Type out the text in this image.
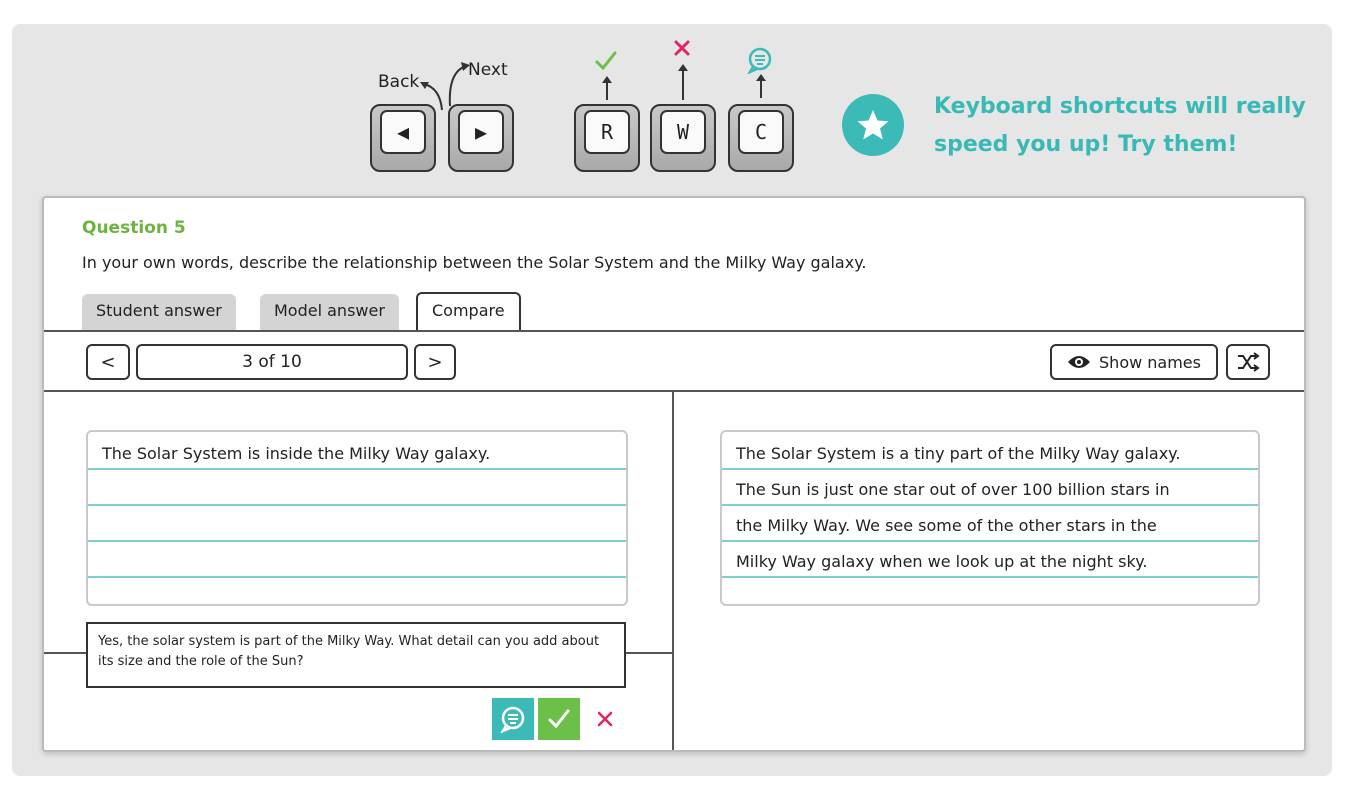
Back
Next
◀	▶	R	W	C
Keyboard shortcuts will really speed you up! Try them!
Question 5
In your own words, describe the relationship between the Solar System and the Milky Way galaxy.
Student answer	Model answer	Compare
<	3 of 10	>	Show names
The Solar System is inside the Milky Way galaxy.	The Solar System is a tiny part of the Milky Way galaxy.
The Sun is just one star out of over 100 billion stars in
the Milky Way. We see some of the other stars in the
Milky Way galaxy when we look up at the night sky.
Yes, the solar system is part of the Milky Way. What detail can you add about its size and the role of the Sun?
